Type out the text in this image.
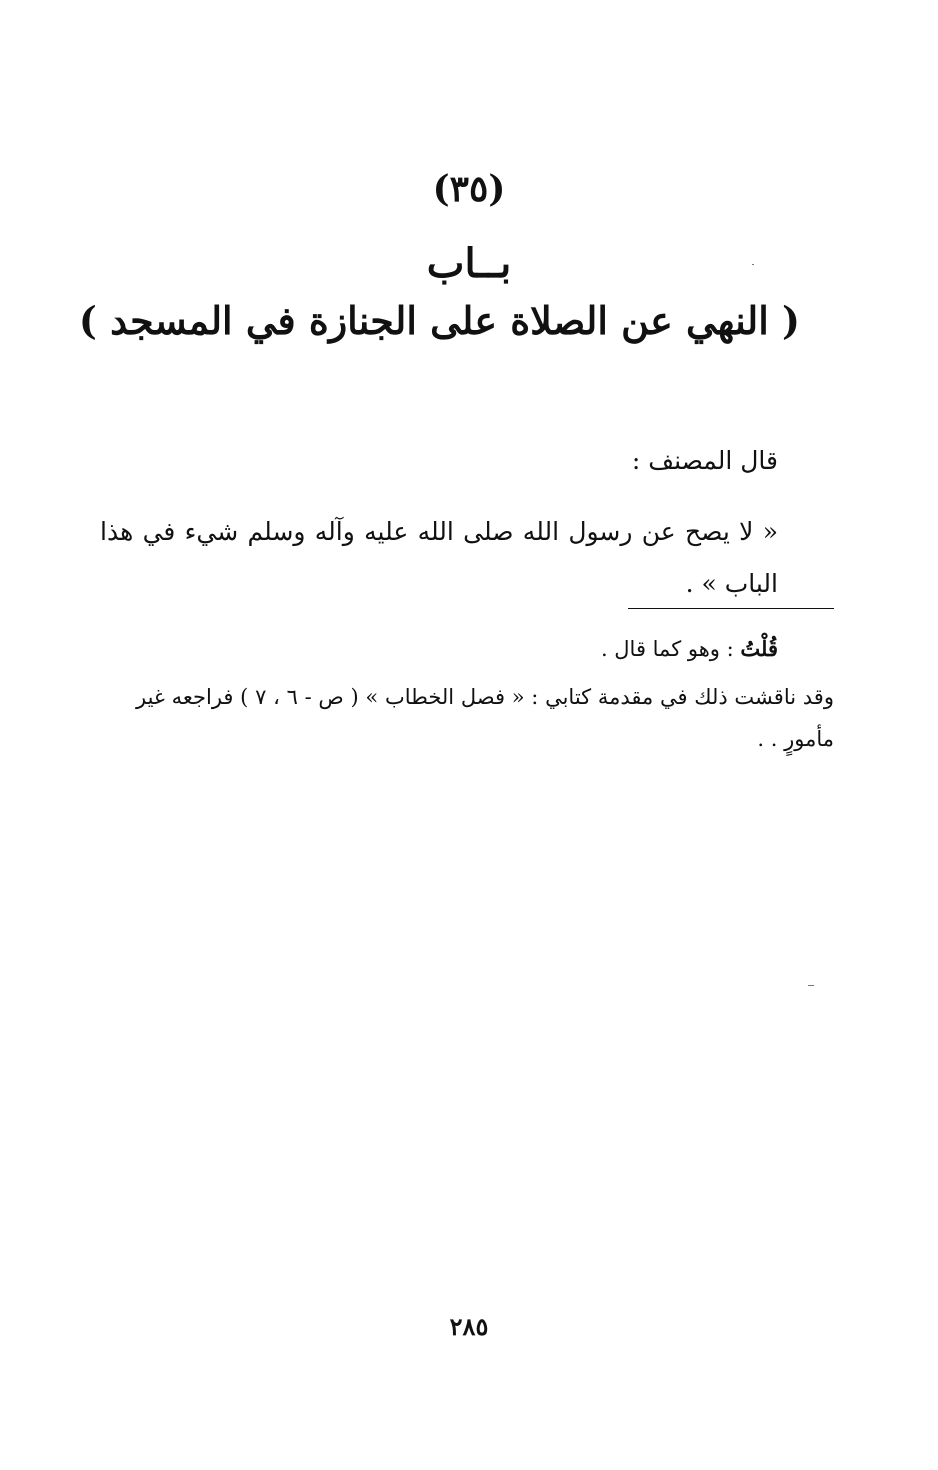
(٣٥)
بــاب
( النهي عن الصلاة على الجنازة في المسجد )
قال المصنف :
« لا يصح عن رسول الله صلى الله عليه وآله وسلم شيء في هذا الباب » .
قُلْتُ : وهو كما قال .
وقد ناقشت ذلك في مقدمة كتابي : « فصل الخطاب » ( ص - ٦ ، ٧ ) فراجعه غير مأمورٍ . .
٢٨٥
